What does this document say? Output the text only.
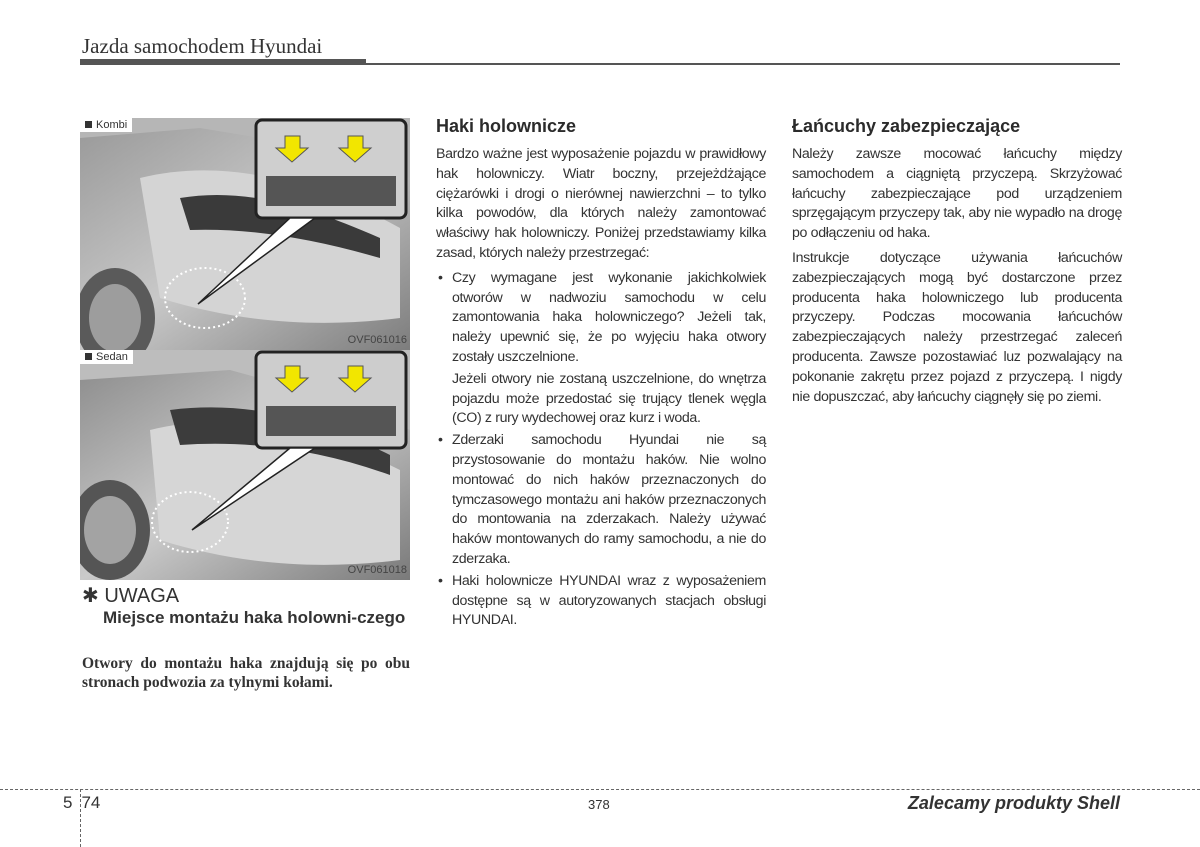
Jazda samochodem Hyundai
Kombi
OVF061016
Sedan
OVF061018
✱ UWAGA
Miejsce montażu haka holowni-czego
Otwory do montażu haka znajdują się po obu stronach podwozia za tylnymi kołami.
Haki holownicze

Bardzo ważne jest wyposażenie pojazdu w prawidłowy hak holowniczy. Wiatr boczny, przejeżdżające ciężarówki i drogi o nierównej nawierzchni – to tylko kilka powodów, dla których należy zamontować właściwy hak holowniczy. Poniżej przedstawiamy kilka zasad, których należy przestrzegać:

• Czy wymagane jest wykonanie jakichkolwiek otworów w nadwoziu samochodu w celu zamontowania haka holowniczego? Jeżeli tak, należy upewnić się, że po wyjęciu haka otwory zostały uszczelnione.

Jeżeli otwory nie zostaną uszczelnione, do wnętrza pojazdu może przedostać się trujący tlenek węgla (CO) z rury wydechowej oraz kurz i woda.

• Zderzaki samochodu Hyundai nie są przystosowanie do montażu haków. Nie wolno montować do nich haków przeznaczonych do tymczasowego montażu ani haków przeznaczonych do montowania na zderzakach. Należy używać haków montowanych do ramy samochodu, a nie do zderzaka.

• Haki holownicze HYUNDAI wraz z wyposażeniem dostępne są w autoryzowanych stacjach obsługi HYUNDAI.

Łańcuchy zabezpieczające

Należy zawsze mocować łańcuchy między samochodem a ciągniętą przyczepą. Skrzyżować łańcuchy zabezpieczające pod urządzeniem sprzęgającym przyczepy tak, aby nie wypadło na drogę po odłączeniu od haka.

Instrukcje dotyczące używania łańcuchów zabezpieczających mogą być dostarczone przez producenta haka holowniczego lub producenta przyczepy. Podczas mocowania łańcuchów zabezpieczających należy przestrzegać zaleceń producenta. Zawsze pozostawiać luz pozwalający na pokonanie zakrętu przez pojazd z przyczepą. I nigdy nie dopuszczać, aby łańcuchy ciągnęły się po ziemi.

5 74	378	Zalecamy produkty Shell
